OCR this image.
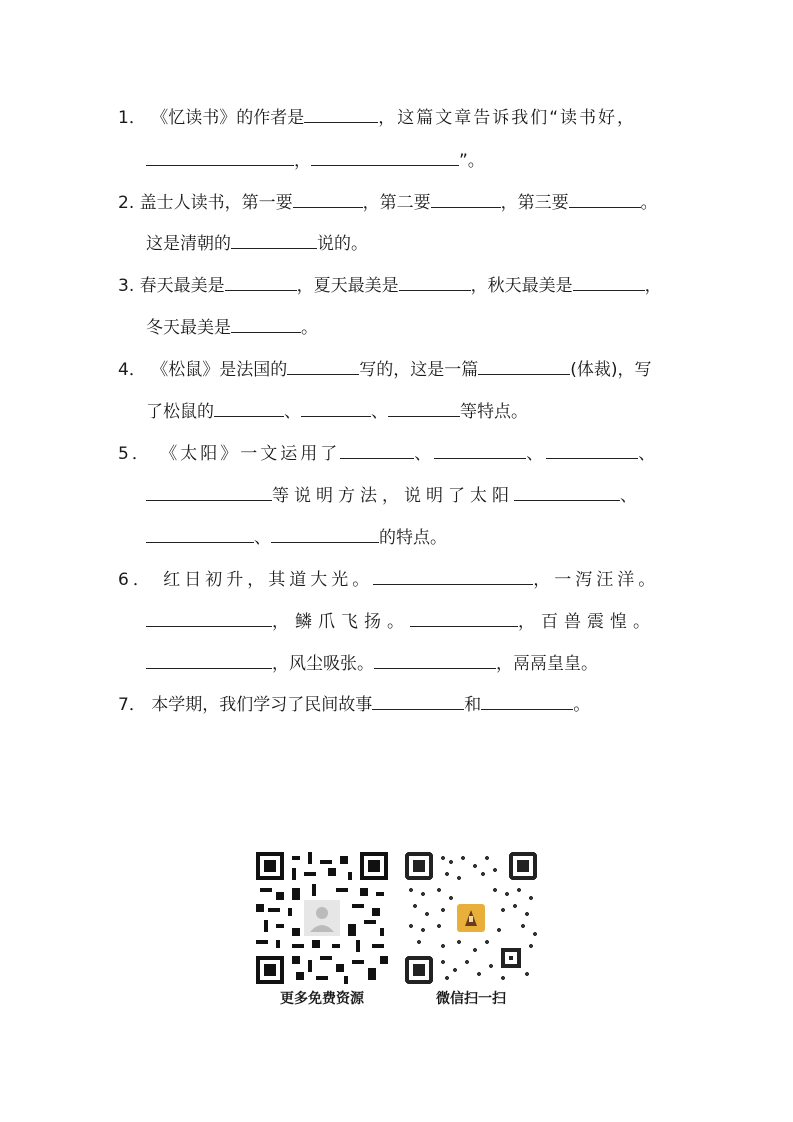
1． 《忆读书》的作者是	，这篇文章告诉我们“读书好，
，	”。
2. 盖士人读书，第一要	，第二要	，第三要	。
这是清朝的	说的。
3. 春天最美是	，夏天最美是	，秋天最美是	，
冬天最美是	。
4． 《松鼠》是法国的	写的，这是一篇	(体裁)，写
了松鼠的	、	、	等特点。
5． 《太阳》一文运用了	、	、	、
等说明方法，说明了太阳	、
、	的特点。
6． 红日初升，其道大光。	，一泻汪洋。
，鳞爪飞扬。	，百兽震惶。
，风尘吸张。	，鬲鬲皇皇。
7． 本学期，我们学习了民间故事	和	。
更多免费资源	微信扫一扫
